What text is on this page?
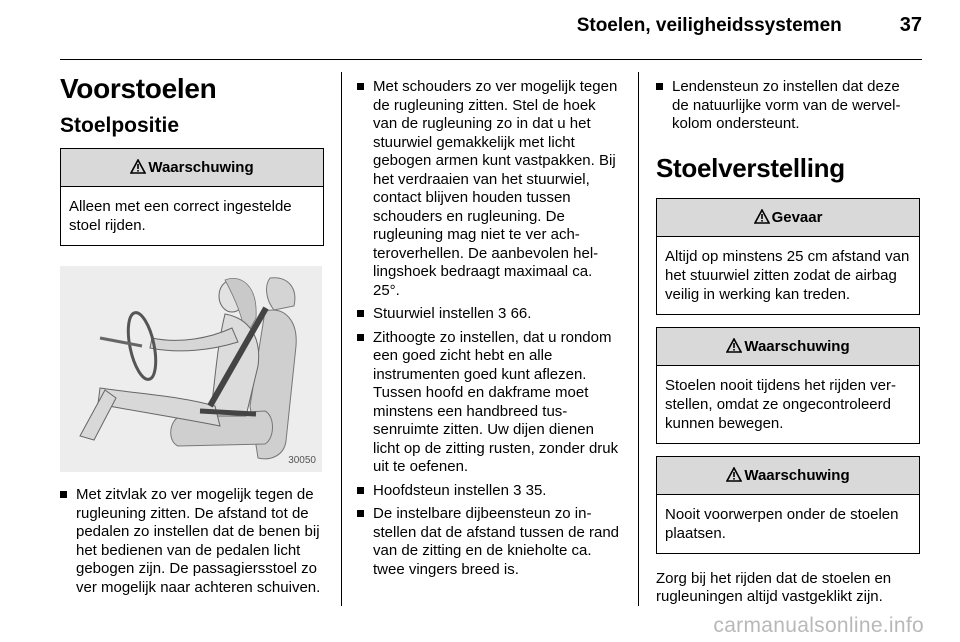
Stoelen, veiligheidssystemen	37
Voorstoelen
Stoelpositie
Waarschuwing
Alleen met een correct ingestelde stoel rijden.
30050
Met zitvlak zo ver mogelijk tegen de rugleuning zitten. De afstand tot de pedalen zo instellen dat de benen bij het bedienen van de pedalen licht gebogen zijn. De passagiersstoel zo ver mogelijk naar achteren schuiven.
Met schouders zo ver mogelijk tegen de rugleuning zitten. Stel de hoek van de rugleuning zo in dat u het stuurwiel gemakkelijk met licht gebogen armen kunt vastpakken. Bij het verdraaien van het stuurwiel, contact blijven houden tussen schouders en rugleuning. De rugleuning mag niet te ver achteroverhellen. De aanbevolen hellingshoek bedraagt maximaal ca. 25°.
Stuurwiel instellen 3 66.
Zithoogte zo instellen, dat u rondom een goed zicht hebt en alle instrumenten goed kunt aflezen. Tussen hoofd en dakframe moet minstens een handbreed tussenruimte zitten. Uw dijen dienen licht op de zitting rusten, zonder druk uit te oefenen.
Hoofdsteun instellen 3 35.
De instelbare dijbeensteun zo instellen dat de afstand tussen de rand van de zitting en de knieholte ca. twee vingers breed is.
Lendensteun zo instellen dat deze de natuurlijke vorm van de wervelkolom ondersteunt.
Stoelverstelling
Gevaar
Altijd op minstens 25 cm afstand van het stuurwiel zitten zodat de airbag veilig in werking kan treden.
Waarschuwing
Stoelen nooit tijdens het rijden verstellen, omdat ze ongecontroleerd kunnen bewegen.
Waarschuwing
Nooit voorwerpen onder de stoelen plaatsen.

Zorg bij het rijden dat de stoelen en rugleuningen altijd vastgeklikt zijn.

carmanualsonline.info
